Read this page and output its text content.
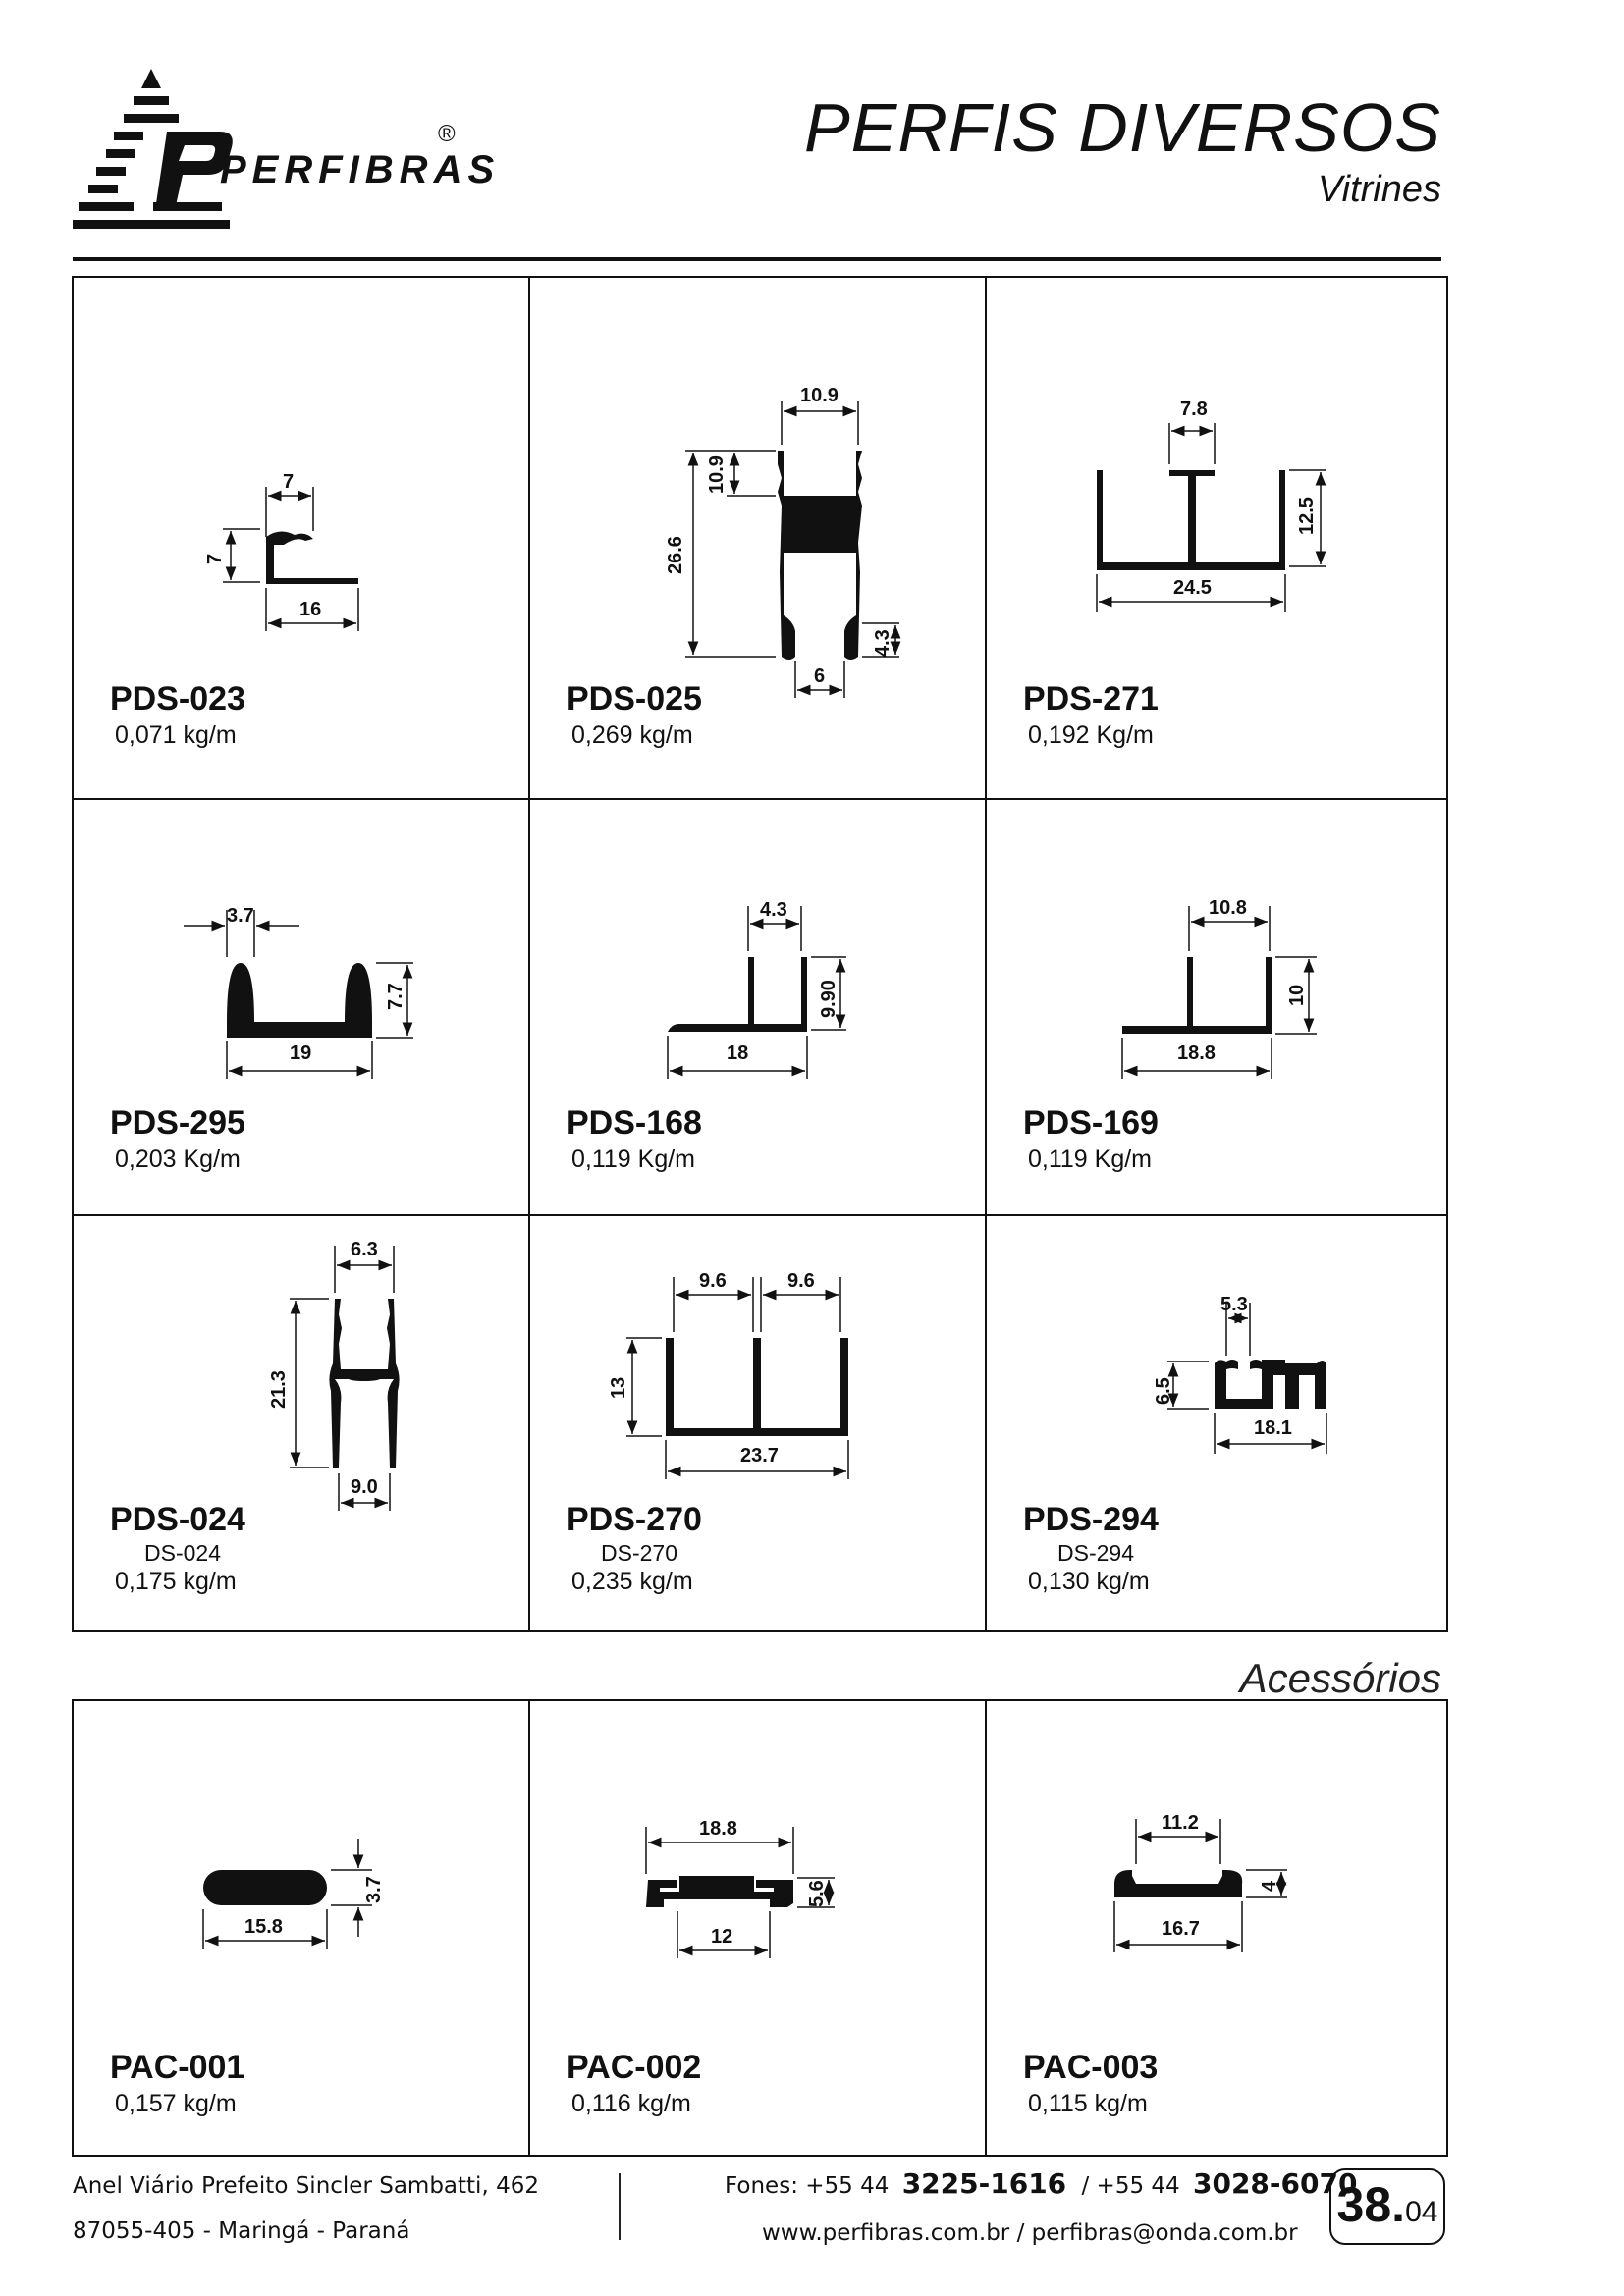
PERFIBRAS
®	PERFIS DIVERSOS
Vitrines
7
7
16
PDS-023
0,071 kg/m
10.9
26.6
10.9
6
4.3
PDS-025
0,269 kg/m
7.8
12.5
24.5
PDS-271
0,192 Kg/m
3.7
7.7
19
PDS-295
0,203 Kg/m
4.3
9.90
18
PDS-168
0,119 Kg/m
10.8
10
18.8
PDS-169
0,119 Kg/m
6.3
21.3
9.0
PDS-024
DS-024
0,175 kg/m
9.6	9.6
13
23.7
PDS-270
DS-270
0,235 kg/m
5.3
6.5
18.1
PDS-294
DS-294
0,130 kg/m
Acessórios
3.7
15.8
PAC-001
0,157 kg/m
18.8
5.6
12
PAC-002
0,116 kg/m
11.2
4
16.7
PAC-003
0,115 kg/m
Anel Viário Prefeito Sincler Sambatti, 462
87055-405 - Maringá - Paraná
Fones: +55 44 3225-1616 / +55 44 3028-6070
www.perfibras.com.br / perfibras@onda.com.br
38. 04
